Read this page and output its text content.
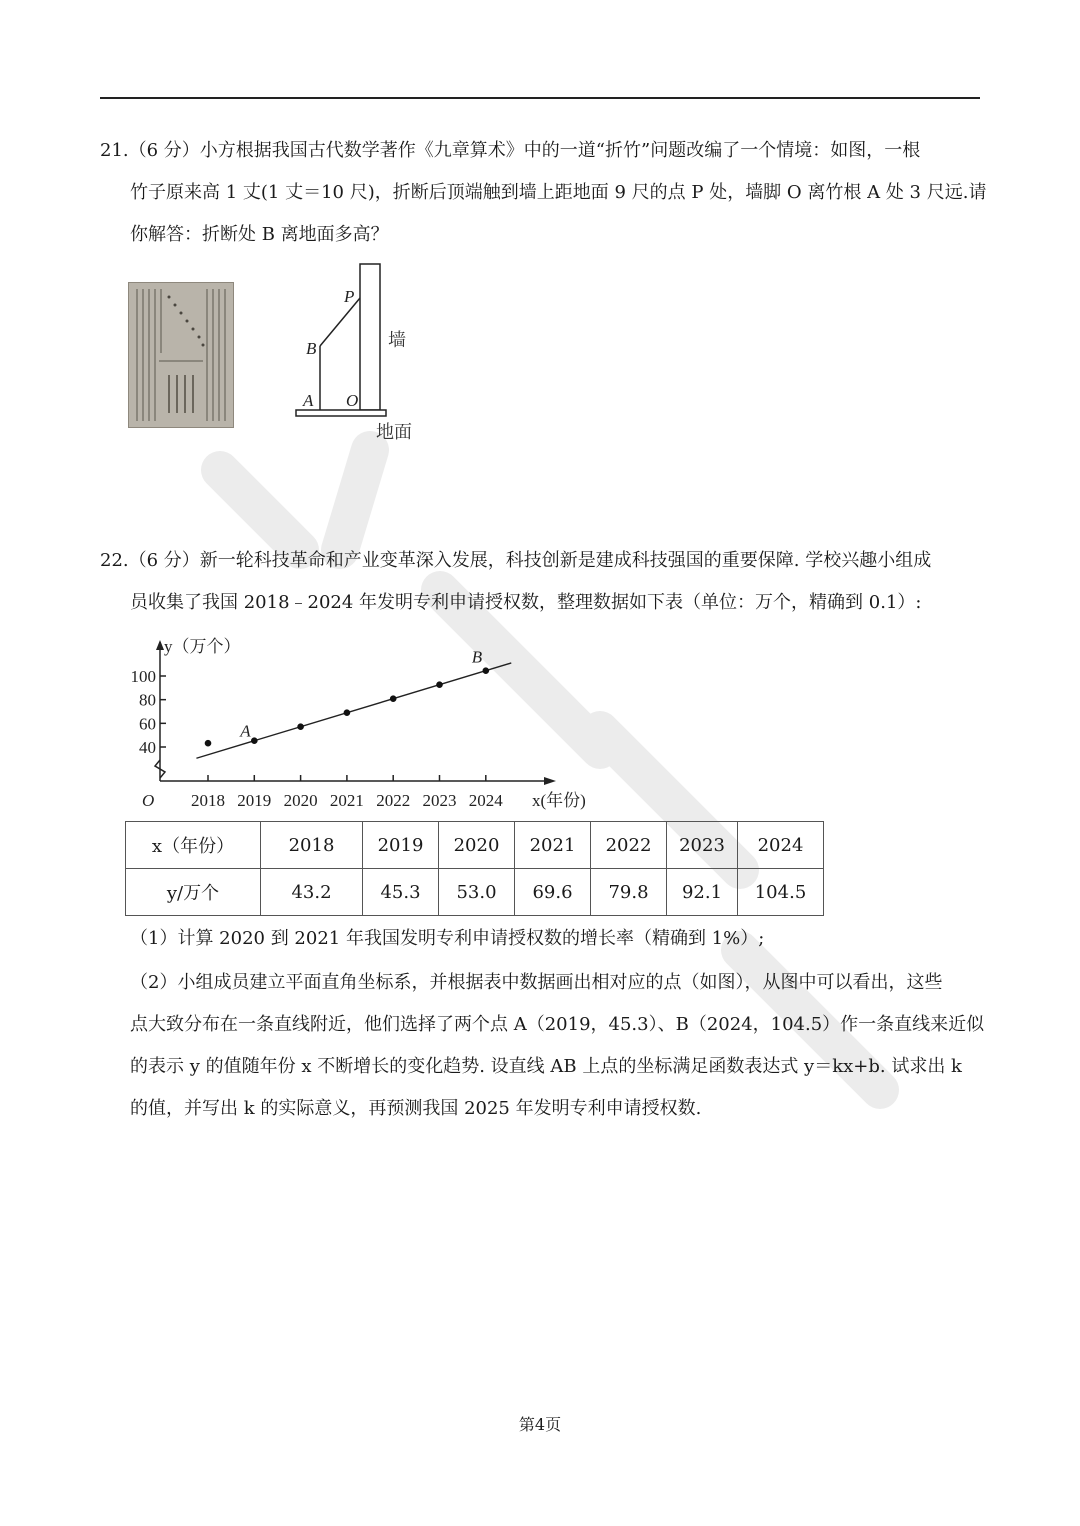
21.（6 分）小方根据我国古代数学著作《九章算术》中的一道“折竹”问题改编了一个情境：如图，一根
竹子原来高 1 丈(1 丈＝10 尺)，折断后顶端触到墙上距地面 9 尺的点 P 处，墙脚 O 离竹根 A 处 3 尺远.请
你解答：折断处 B 离地面多高？
P
B
A O
墙
地面
22.（6 分）新一轮科技革命和产业变革深入发展，科技创新是建成科技强国的重要保障. 学校兴趣小组成
员收集了我国 2018﹣2024 年发明专利申请授权数，整理数据如下表（单位：万个，精确到 0.1）:
y（万个）
x(年份)
O
40
60
80
100
2018 2019 2020 2021 2022 2023 2024
A
B
x（年份）	2018	2019	2020	2021	2022	2023	2024
y/万个	43.2	45.3	53.0	69.6	79.8	92.1	104.5
（1）计算 2020 到 2021 年我国发明专利申请授权数的增长率（精确到 1%）;
（2）小组成员建立平面直角坐标系，并根据表中数据画出相对应的点（如图），从图中可以看出，这些
点大致分布在一条直线附近，他们选择了两个点 A（2019，45.3）、B（2024，104.5）作一条直线来近似
的表示 y 的值随年份 x 不断增长的变化趋势. 设直线 AB 上点的坐标满足函数表达式 y＝kx+b. 试求出 k
的值，并写出 k 的实际意义，再预测我国 2025 年发明专利申请授权数.
第4页
